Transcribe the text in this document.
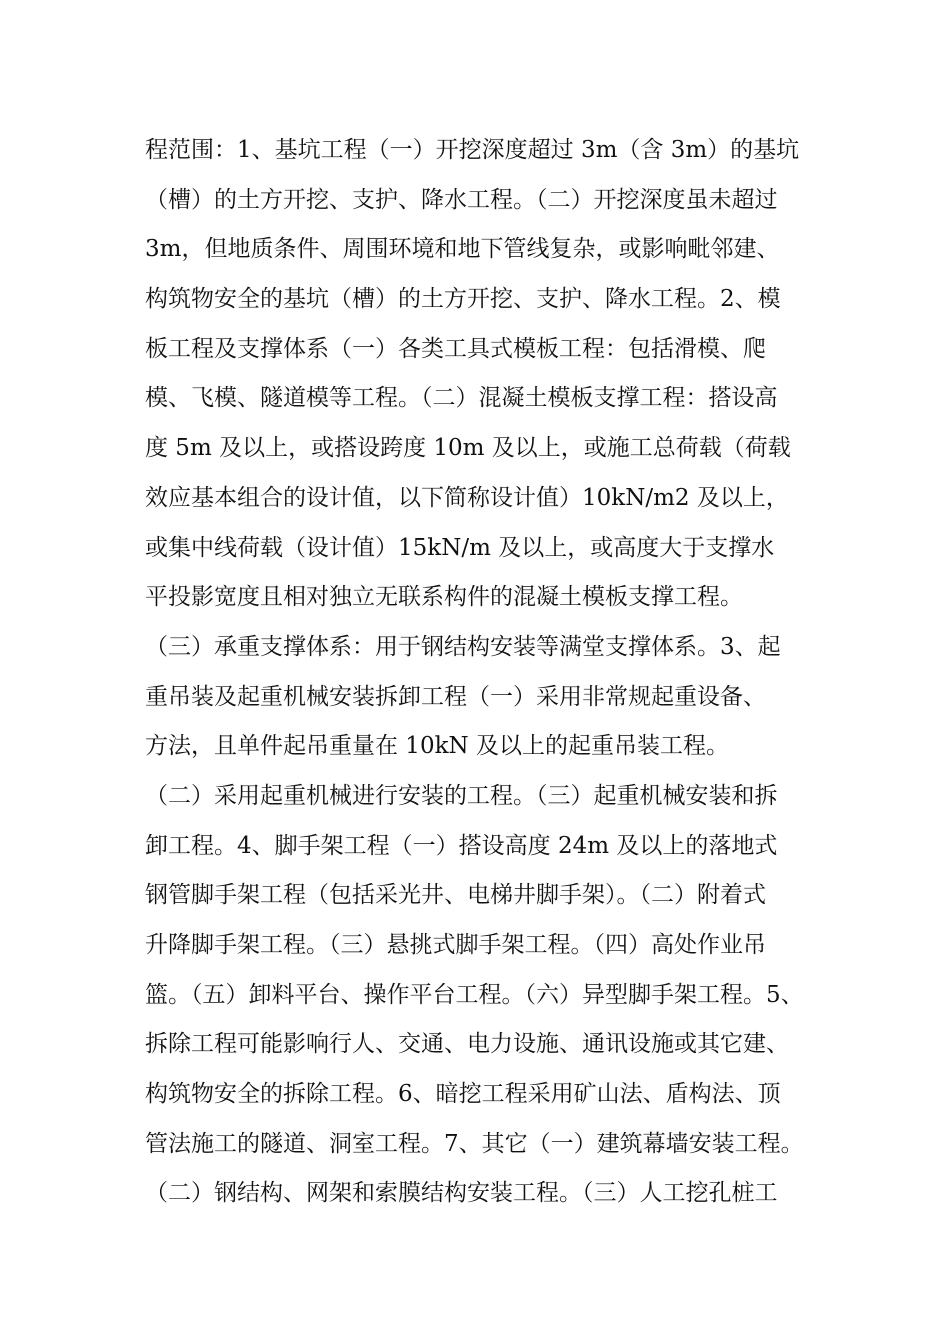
程范围：1、基坑工程（一）开挖深度超过 3m（含 3m）的基坑
（槽）的土方开挖、支护、降水工程。（二）开挖深度虽未超过
3m，但地质条件、周围环境和地下管线复杂，或影响毗邻建、
构筑物安全的基坑（槽）的土方开挖、支护、降水工程。2、模
板工程及支撑体系（一）各类工具式模板工程：包括滑模、爬
模、飞模、隧道模等工程。（二）混凝土模板支撑工程：搭设高
度 5m 及以上，或搭设跨度 10m 及以上，或施工总荷载（荷载
效应基本组合的设计值，以下简称设计值）10kN/m2 及以上，
或集中线荷载（设计值）15kN/m 及以上，或高度大于支撑水
平投影宽度且相对独立无联系构件的混凝土模板支撑工程。
（三）承重支撑体系：用于钢结构安装等满堂支撑体系。3、起
重吊装及起重机械安装拆卸工程（一）采用非常规起重设备、
方法，且单件起吊重量在 10kN 及以上的起重吊装工程。
（二）采用起重机械进行安装的工程。（三）起重机械安装和拆
卸工程。4、脚手架工程（一）搭设高度 24m 及以上的落地式
钢管脚手架工程（包括采光井、电梯井脚手架）。（二）附着式
升降脚手架工程。（三）悬挑式脚手架工程。（四）高处作业吊
篮。（五）卸料平台、操作平台工程。（六）异型脚手架工程。5、
拆除工程可能影响行人、交通、电力设施、通讯设施或其它建、
构筑物安全的拆除工程。6、暗挖工程采用矿山法、盾构法、顶
管法施工的隧道、洞室工程。7、其它（一）建筑幕墙安装工程。
（二）钢结构、网架和索膜结构安装工程。（三）人工挖孔桩工
